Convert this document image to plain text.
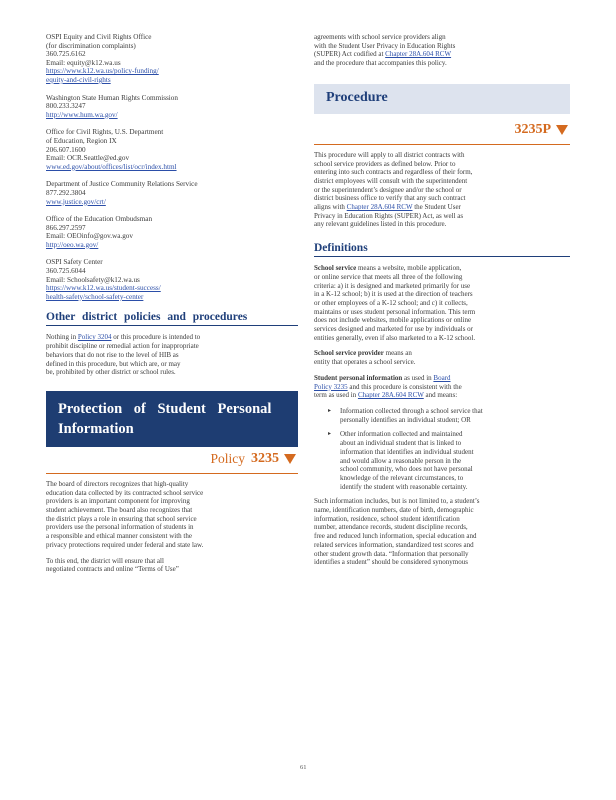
OSPI Equity and Civil Rights Office
(for discrimination complaints)
360.725.6162
Email: equity@k12.wa.us
https://www.k12.wa.us/policy-funding/
equity-and-civil-rights
Washington State Human Rights Commission
800.233.3247
http://www.hum.wa.gov/
Office for Civil Rights, U.S. Department
of Education, Region IX
206.607.1600
Email: OCR.Seattle@ed.gov
www.ed.gov/about/offices/list/ocr/index.html
Department of Justice Community Relations Service
877.292.3804
www.justice.gov/crt/
Office of the Education Ombudsman
866.297.2597
Email: OEOinfo@gov.wa.gov
http://oeo.wa.gov/
OSPI Safety Center
360.725.6044
Email: Schoolsafety@k12.wa.us
https://www.k12.wa.us/student-success/
health-safety/school-safety-center
Other district policies and procedures
Nothing in Policy 3204 or this procedure is intended to
prohibit discipline or remedial action for inappropriate
behaviors that do not rise to the level of HIB as
defined in this procedure, but which are, or may
be, prohibited by other district or school rules.
Protection of Student Personal
Information
Policy 3235
The board of directors recognizes that high-quality
education data collected by its contracted school service
providers is an important component for improving
student achievement. The board also recognizes that
the district plays a role in ensuring that school service
providers use the personal information of students in
a responsible and ethical manner consistent with the
privacy protections required under federal and state law.
To this end, the district will ensure that all
negotiated contracts and online “Terms of Use”
agreements with school service providers align
with the Student User Privacy in Education Rights
(SUPER) Act codified at Chapter 28A.604 RCW
and the procedure that accompanies this policy.
Procedure
3235P
This procedure will apply to all district contracts with
school service providers as defined below. Prior to
entering into such contracts and regardless of their form,
district employees will consult with the superintendent
or the superintendent’s designee and/or the school or
district business office to verify that any such contract
aligns with Chapter 28A.604 RCW the Student User
Privacy in Education Rights (SUPER) Act, as well as
any relevant guidelines listed in this procedure.
Definitions
School service means a website, mobile application,
or online service that meets all three of the following
criteria: a) it is designed and marketed primarily for use
in a K-12 school; b) it is used at the direction of teachers
or other employees of a K-12 school; and c) it collects,
maintains or uses student personal information. This term
does not include websites, mobile applications or online
services designed and marketed for use by individuals or
entities generally, even if also marketed to a K-12 school.
School service provider means an
entity that operates a school service.
Student personal information as used in Board
Policy 3235 and this procedure is consistent with the
term as used in Chapter 28A.604 RCW and means:
▸	Information collected through a school service that
personally identifies an individual student; OR
▸	Other information collected and maintained
about an individual student that is linked to
information that identifies an individual student
and would allow a reasonable person in the
school community, who does not have personal
knowledge of the relevant circumstances, to
identify the student with reasonable certainty.
Such information includes, but is not limited to, a student’s
name, identification numbers, date of birth, demographic
information, residence, school student identification
number, attendance records, student discipline records,
free and reduced lunch information, special education and
related services information, standardized test scores and
other student growth data. “Information that personally
identifies a student” should be considered synonymous
61
